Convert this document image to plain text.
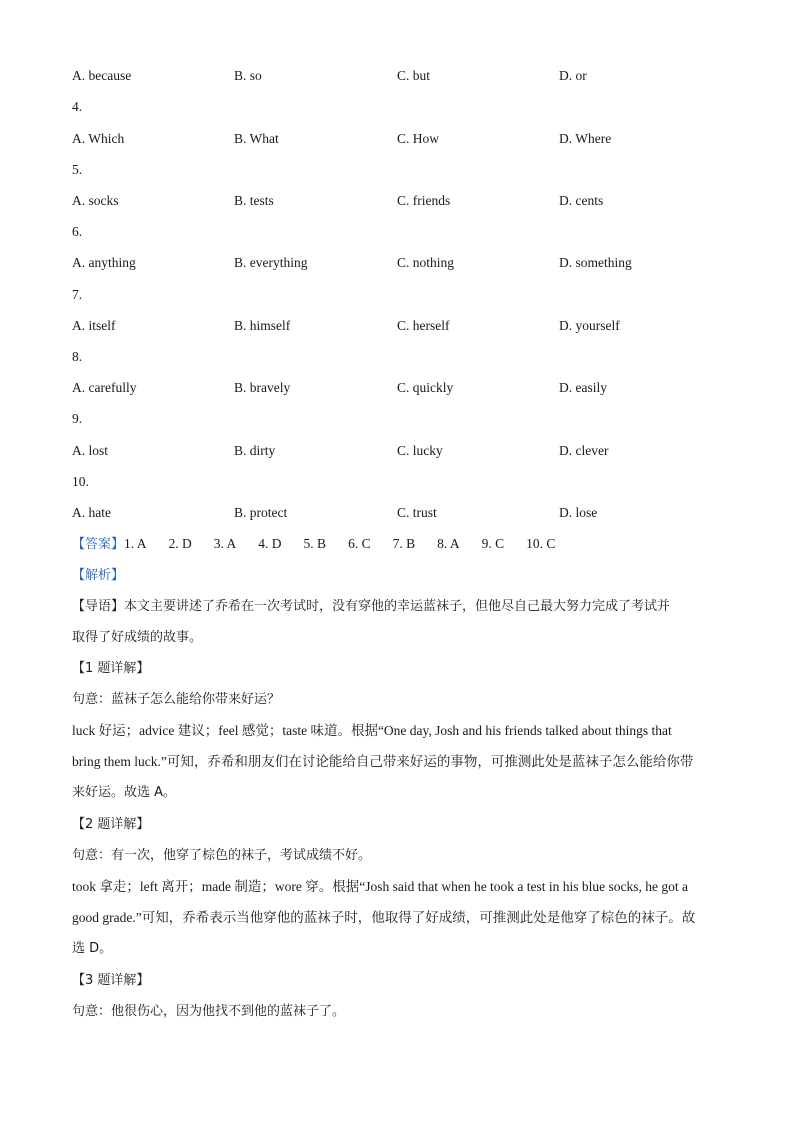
A. because	B. so	C. but	D. or
4.
A. Which	B. What	C. How	D. Where
5.
A. socks	B. tests	C. friends	D. cents
6.
A. anything	B. everything	C. nothing	D. something
7.
A. itself	B. himself	C. herself	D. yourself
8.
A. carefully	B. bravely	C. quickly	D. easily
9.
A. lost	B. dirty	C. lucky	D. clever
10.
A. hate	B. protect	C. trust	D. lose
【答案】1. A 2. D 3. A 4. D 5. B 6. C 7. B 8. A 9. C 10. C
【解析】
【导语】本文主要讲述了乔希在一次考试时，没有穿他的幸运蓝袜子，但他尽自己最大努力完成了考试并
取得了好成绩的故事。
【1 题详解】
句意：蓝袜子怎么能给你带来好运？
luck 好运；advice 建议；feel 感觉；taste 味道。根据“One day, Josh and his friends talked about things that
bring them luck.”可知，乔希和朋友们在讨论能给自己带来好运的事物，可推测此处是蓝袜子怎么能给你带
来好运。故选 A。
【2 题详解】
句意：有一次，他穿了棕色的袜子，考试成绩不好。
took 拿走；left 离开；made 制造；wore 穿。根据“Josh said that when he took a test in his blue socks, he got a
good grade.”可知，乔希表示当他穿他的蓝袜子时，他取得了好成绩，可推测此处是他穿了棕色的袜子。故
选 D。
【3 题详解】
句意：他很伤心，因为他找不到他的蓝袜子了。
